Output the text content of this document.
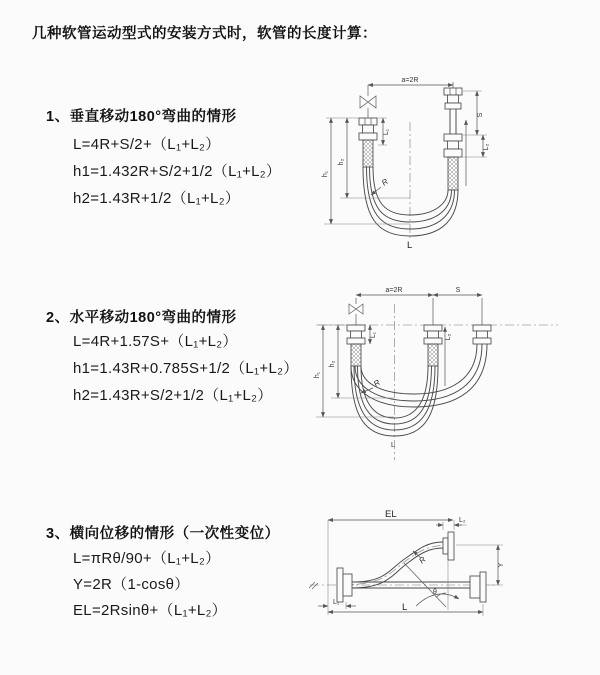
几种软管运动型式的安装方式时，软管的长度计算：
1、垂直移动180°弯曲的情形
L=4R+S/2+（L₁+L₂）
h1=1.432R+S/2+1/2（L₁+L₂）
h2=1.43R+1/2（L₁+L₂）
2、水平移动180°弯曲的情形
L=4R+1.57S+（L₁+L₂）
h1=1.43R+0.785S+1/2（L₁+L₂）
h2=1.43R+S/2+1/2（L₁+L₂）
3、横向位移的情形（一次性变位）
L=πRθ/90+（L₁+L₂）
Y=2R（1-cosθ）
EL=2Rsinθ+（L₁+L₂）
a=2R
L₁
S
L₂
h₁
h₂
R
L
a=2R	S
L₁	L₂
h₁
h₂
R
L
EL
L₂
Y
R
θ
L
L₁
